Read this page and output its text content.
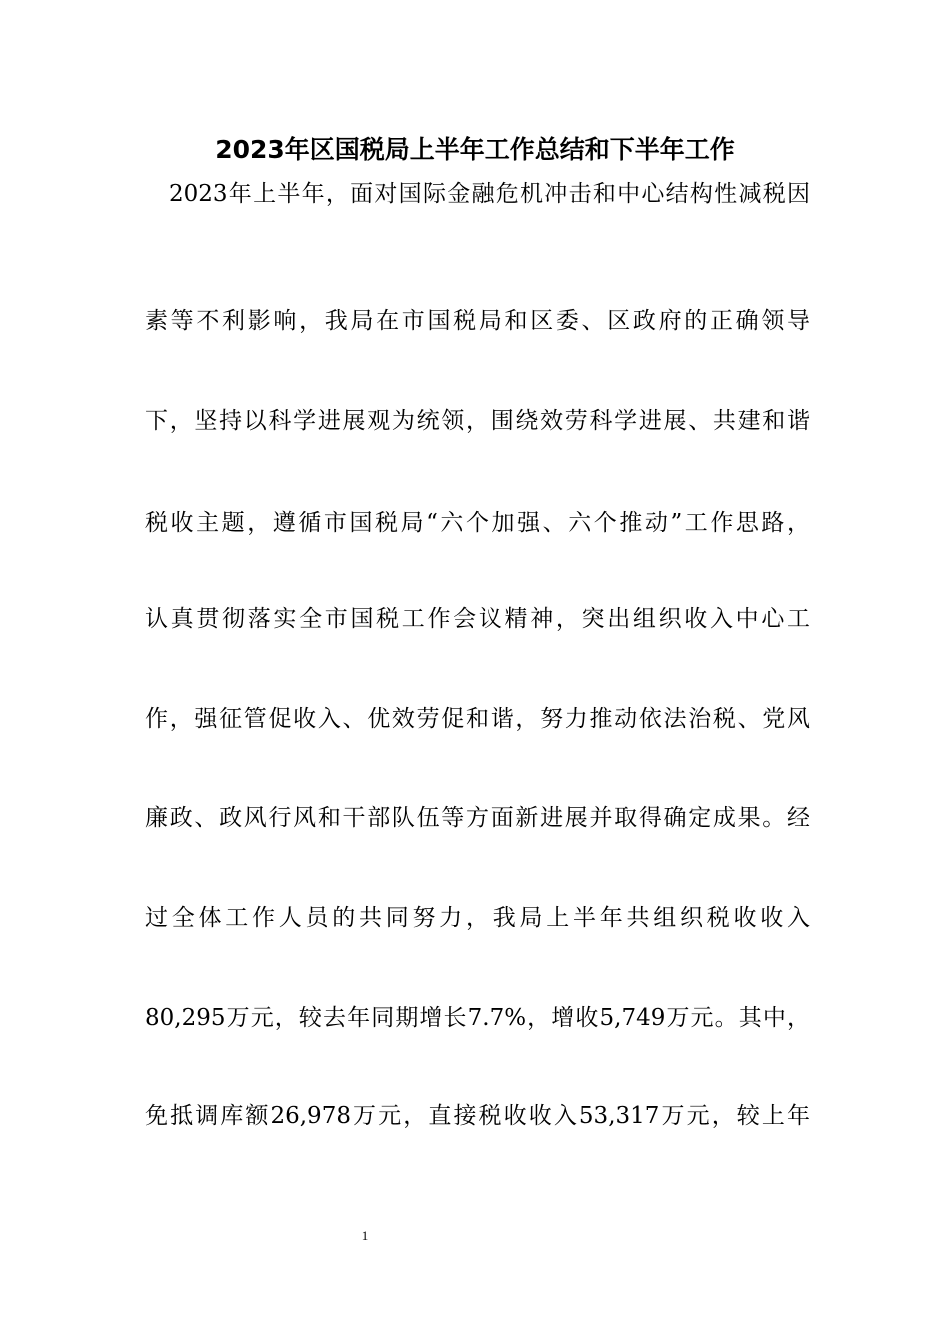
2023年区国税局上半年工作总结和下半年工作
2023年上半年，面对国际金融危机冲击和中心结构性减税因
素等不利影响，我局在市国税局和区委、区政府的正确领导
下，坚持以科学进展观为统领，围绕效劳科学进展、共建和谐
税收主题，遵循市国税局“六个加强、六个推动”工作思路，
认真贯彻落实全市国税工作会议精神，突出组织收入中心工
作，强征管促收入、优效劳促和谐，努力推动依法治税、党风
廉政、政风行风和干部队伍等方面新进展并取得确定成果。经
过全体工作人员的共同努力，我局上半年共组织税收收入
80,295万元，较去年同期增长7.7%，增收5,749万元。其中，
免抵调库额26,978万元，直接税收收入53,317万元，较上年
1
